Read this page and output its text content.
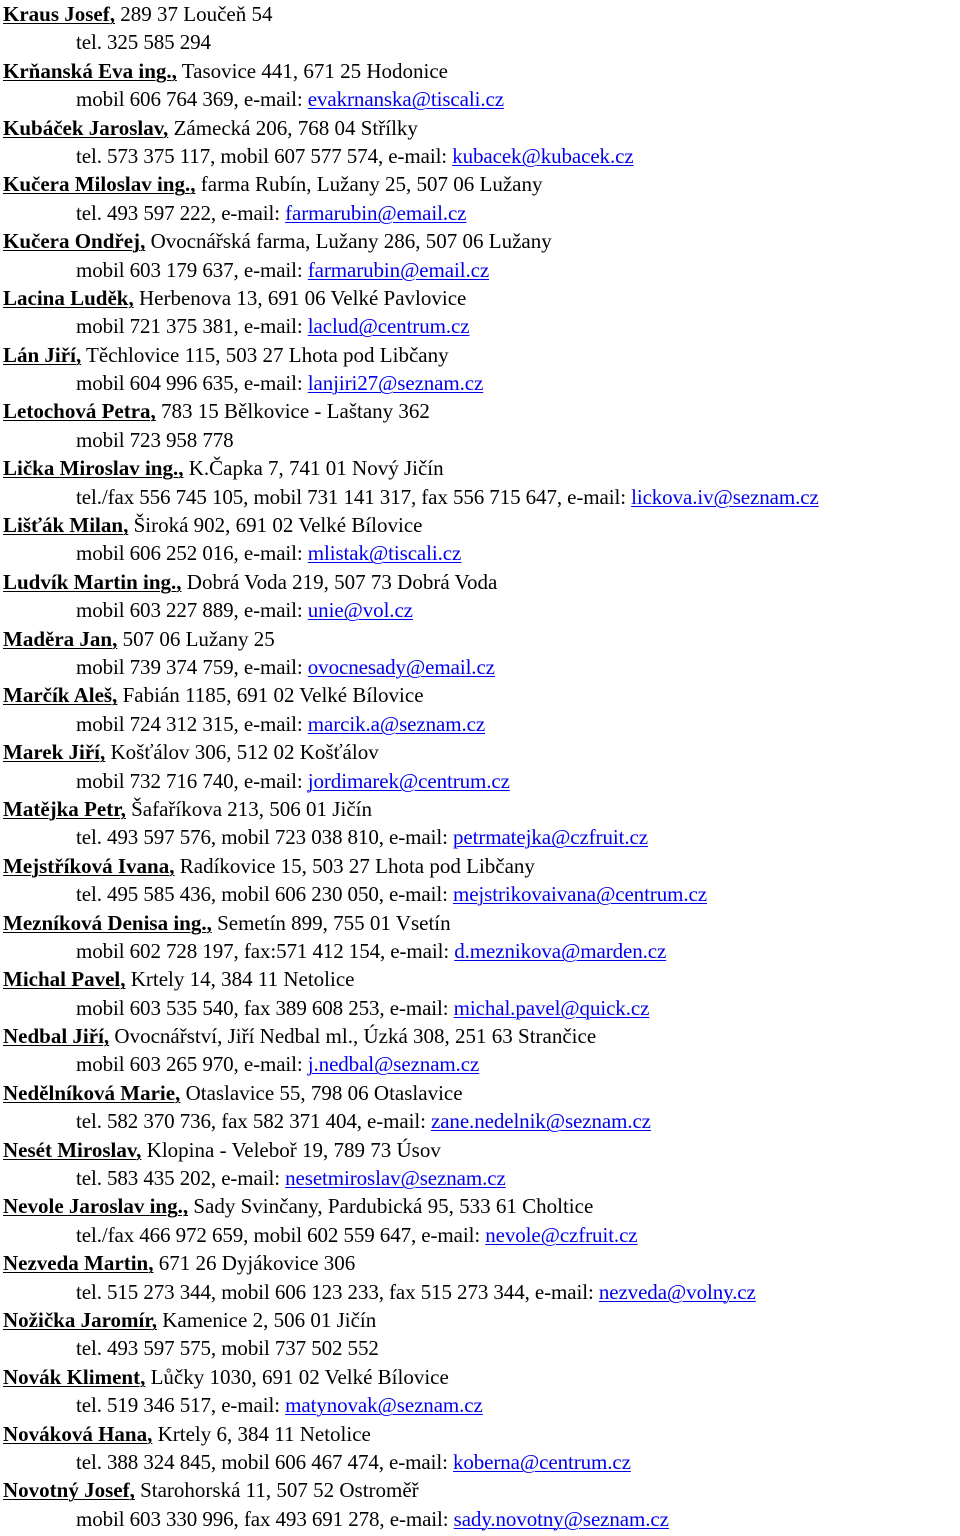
Kraus Josef, 289 37 Loučeň 54
tel. 325 585 294
Krňanská Eva ing., Tasovice 441, 671 25 Hodonice
mobil 606 764 369, e-mail: evakrnanska@tiscali.cz
Kubáček Jaroslav, Zámecká 206, 768 04 Střílky
tel. 573 375 117, mobil 607 577 574, e-mail: kubacek@kubacek.cz
Kučera Miloslav ing., farma Rubín, Lužany 25, 507 06 Lužany
tel. 493 597 222, e-mail: farmarubin@email.cz
Kučera Ondřej, Ovocnářská farma, Lužany 286, 507 06 Lužany
mobil 603 179 637, e-mail: farmarubin@email.cz
Lacina Luděk, Herbenova 13, 691 06 Velké Pavlovice
mobil 721 375 381, e-mail: laclud@centrum.cz
Lán Jiří, Těchlovice 115, 503 27 Lhota pod Libčany
mobil 604 996 635, e-mail: lanjiri27@seznam.cz
Letochová Petra, 783 15 Bělkovice - Laštany 362
mobil 723 958 778
Lička Miroslav ing., K.Čapka 7, 741 01 Nový Jičín
tel./fax 556 745 105, mobil 731 141 317, fax 556 715 647, e-mail: lickova.iv@seznam.cz
Lišťák Milan, Široká 902, 691 02 Velké Bílovice
mobil 606 252 016, e-mail: mlistak@tiscali.cz
Ludvík Martin ing., Dobrá Voda 219, 507 73 Dobrá Voda
mobil 603 227 889, e-mail: unie@vol.cz
Maděra Jan, 507 06 Lužany 25
mobil 739 374 759, e-mail: ovocnesady@email.cz
Marčík Aleš, Fabián 1185, 691 02 Velké Bílovice
mobil 724 312 315, e-mail: marcik.a@seznam.cz
Marek Jiří, Košťálov 306, 512 02 Košťálov
mobil 732 716 740, e-mail: jordimarek@centrum.cz
Matějka Petr, Šafaříkova 213, 506 01 Jičín
tel. 493 597 576, mobil 723 038 810, e-mail: petrmatejka@czfruit.cz
Mejstříková Ivana, Radíkovice 15, 503 27 Lhota pod Libčany
tel. 495 585 436, mobil 606 230 050, e-mail: mejstrikovaivana@centrum.cz
Mezníková Denisa ing., Semetín 899, 755 01 Vsetín
mobil 602 728 197, fax:571 412 154, e-mail: d.meznikova@marden.cz
Michal Pavel, Krtely 14, 384 11 Netolice
mobil 603 535 540, fax 389 608 253, e-mail: michal.pavel@quick.cz
Nedbal Jiří, Ovocnářství, Jiří Nedbal ml., Úzká 308, 251 63 Strančice
mobil 603 265 970, e-mail: j.nedbal@seznam.cz
Nedělníková Marie, Otaslavice 55, 798 06 Otaslavice
tel. 582 370 736, fax 582 371 404, e-mail: zane.nedelnik@seznam.cz
Nesét Miroslav, Klopina - Veleboř 19, 789 73 Úsov
tel. 583 435 202, e-mail: nesetmiroslav@seznam.cz
Nevole Jaroslav ing., Sady Svinčany, Pardubická 95, 533 61 Choltice
tel./fax 466 972 659, mobil 602 559 647, e-mail: nevole@czfruit.cz
Nezveda Martin, 671 26 Dyjákovice 306
tel. 515 273 344, mobil 606 123 233, fax 515 273 344, e-mail: nezveda@volny.cz
Nožička Jaromír, Kamenice 2, 506 01 Jičín
tel. 493 597 575, mobil 737 502 552
Novák Kliment, Lůčky 1030, 691 02 Velké Bílovice
tel. 519 346 517, e-mail: matynovak@seznam.cz
Nováková Hana, Krtely 6, 384 11 Netolice
tel. 388 324 845, mobil 606 467 474, e-mail: koberna@centrum.cz
Novotný Josef, Starohorská 11, 507 52 Ostroměř
mobil 603 330 996, fax 493 691 278, e-mail: sady.novotny@seznam.cz
